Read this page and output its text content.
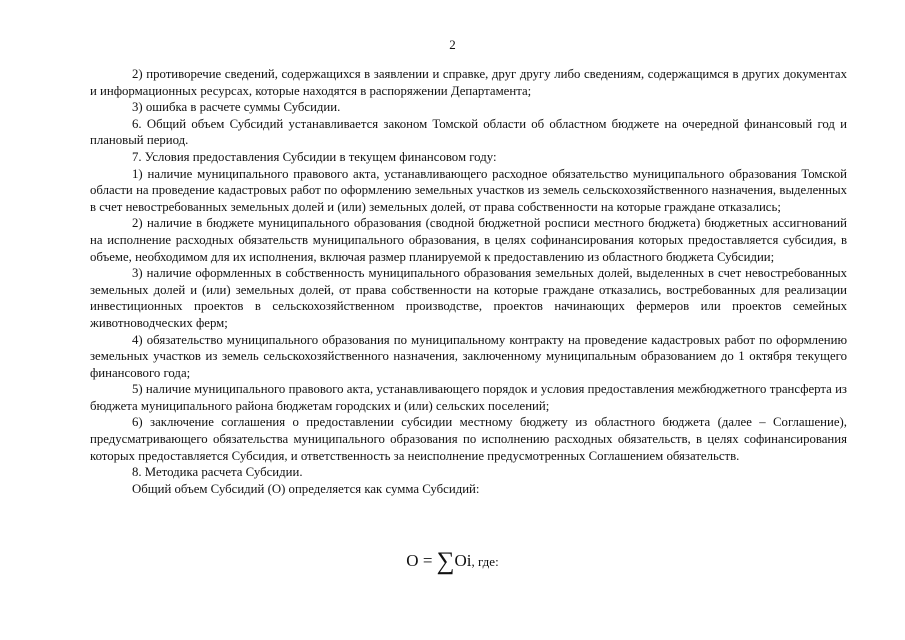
2

2) противоречие сведений, содержащихся в заявлении и справке, друг другу либо сведениям, содержащимся в других документах и информационных ресурсах, которые находятся в распоряжении Департамента;

3) ошибка в расчете суммы Субсидии.

6. Общий объем Субсидий устанавливается законом Томской области об областном бюджете на очередной финансовый год и плановый период.

7. Условия предоставления Субсидии в текущем финансовом году:

1) наличие муниципального правового акта, устанавливающего расходное обязательство муниципального образования Томской области на проведение кадастровых работ по оформлению земельных участков из земель сельскохозяйственного назначения, выделенных в счет невостребованных земельных долей и (или) земельных долей, от права собственности на которые граждане отказались;

2) наличие в бюджете муниципального образования (сводной бюджетной росписи местного бюджета) бюджетных ассигнований на исполнение расходных обязательств муниципального образования, в целях софинансирования которых предоставляется субсидия, в объеме, необходимом для их исполнения, включая размер планируемой к предоставлению из областного бюджета Субсидии;

3) наличие оформленных в собственность муниципального образования земельных долей, выделенных в счет невостребованных земельных долей и (или) земельных долей, от права собственности на которые граждане отказались, востребованных для реализации инвестиционных проектов в сельскохозяйственном производстве, проектов начинающих фермеров или проектов семейных животноводческих ферм;

4) обязательство муниципального образования по муниципальному контракту на проведение кадастровых работ по оформлению земельных участков из земель сельскохозяйственного назначения, заключенному муниципальным образованием до 1 октября текущего финансового года;

5) наличие муниципального правового акта, устанавливающего порядок и условия предоставления межбюджетного трансферта из бюджета муниципального района бюджетам городских и (или) сельских поселений;

6) заключение соглашения о предоставлении субсидии местному бюджету из областного бюджета (далее – Соглашение), предусматривающего обязательства муниципального образования по исполнению расходных обязательств, в целях софинансирования которых предоставляется Субсидия, и ответственность за неисполнение предусмотренных Соглашением обязательств.

8. Методика расчета Субсидии.

Общий объем Субсидий (О) определяется как сумма Субсидий:

О = ∑Оi, где:
